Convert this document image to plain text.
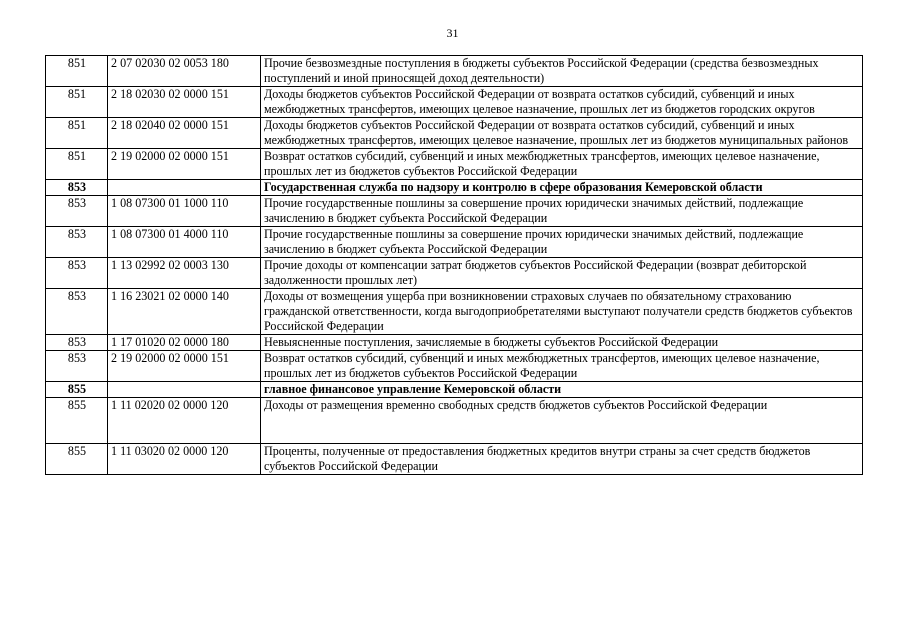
31
851	2 07 02030 02 0053 180	Прочие безвозмездные поступления в бюджеты субъектов Российской Федерации (средства безвозмездных поступлений и иной приносящей доход деятельности)
851	2 18 02030 02 0000 151	Доходы бюджетов субъектов Российской Федерации от возврата остатков субсидий, субвенций и иных межбюджетных трансфертов, имеющих целевое назначение, прошлых лет из бюджетов городских округов
851	2 18 02040 02 0000 151	Доходы бюджетов субъектов Российской Федерации от возврата остатков субсидий, субвенций и иных межбюджетных трансфертов, имеющих целевое назначение, прошлых лет из бюджетов муниципальных районов
851	2 19 02000 02 0000 151	Возврат остатков субсидий, субвенций и иных межбюджетных трансфертов, имеющих целевое назначение, прошлых лет из бюджетов субъектов Российской Федерации
853		Государственная служба по надзору и контролю в сфере образования Кемеровской области
853	1 08 07300 01 1000 110	Прочие государственные пошлины за совершение прочих юридически значимых действий, подлежащие зачислению в бюджет субъекта Российской Федерации
853	1 08 07300 01 4000 110	Прочие государственные пошлины за совершение прочих юридически значимых действий, подлежащие зачислению в бюджет субъекта Российской Федерации
853	1 13 02992 02 0003 130	Прочие доходы от компенсации затрат бюджетов субъектов Российской Федерации (возврат дебиторской задолженности прошлых лет)
853	1 16 23021 02 0000 140	Доходы от возмещения ущерба при возникновении страховых случаев по обязательному страхованию гражданской ответственности, когда выгодоприобретателями выступают получатели средств бюджетов субъектов Российской Федерации
853	1 17 01020 02 0000 180	Невыясненные поступления, зачисляемые в бюджеты субъектов Российской Федерации
853	2 19 02000 02 0000 151	Возврат остатков субсидий, субвенций и иных межбюджетных трансфертов, имеющих целевое назначение, прошлых лет из бюджетов субъектов Российской Федерации
855		главное финансовое управление Кемеровской области
855	1 11 02020 02 0000 120	Доходы от размещения временно свободных средств бюджетов субъектов Российской Федерации
855	1 11 03020 02 0000 120	Проценты, полученные от предоставления бюджетных кредитов внутри страны за счет средств бюджетов субъектов Российской Федерации
